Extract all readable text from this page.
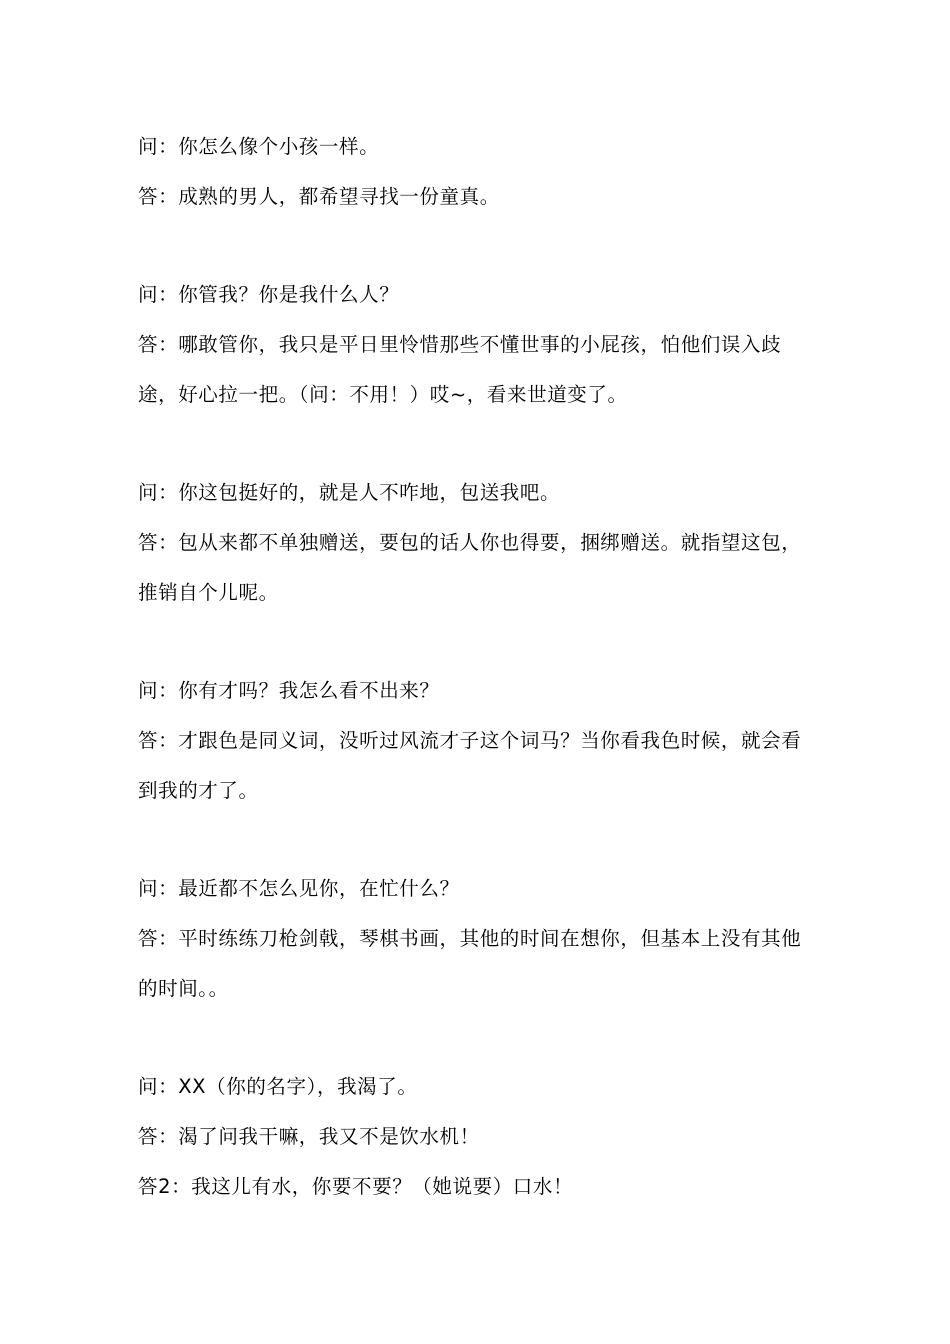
问：你怎么像个小孩一样。

答：成熟的男人，都希望寻找一份童真。

问：你管我？你是我什么人？

答：哪敢管你，我只是平日里怜惜那些不懂世事的小屁孩，怕他们误入歧途，好心拉一把。（问：不用！）哎~，看来世道变了。

问：你这包挺好的，就是人不咋地，包送我吧。

答：包从来都不单独赠送，要包的话人你也得要，捆绑赠送。就指望这包，推销自个儿呢。

问：你有才吗？我怎么看不出来？

答：才跟色是同义词，没听过风流才子这个词马？当你看我色时候，就会看到我的才了。

问：最近都不怎么见你，在忙什么？

答：平时练练刀枪剑戟，琴棋书画，其他的时间在想你，但基本上没有其他的时间。。

问：XX（你的名字），我渴了。

答：渴了问我干嘛，我又不是饮水机！

答2：我这儿有水，你要不要？（她说要）口水！
